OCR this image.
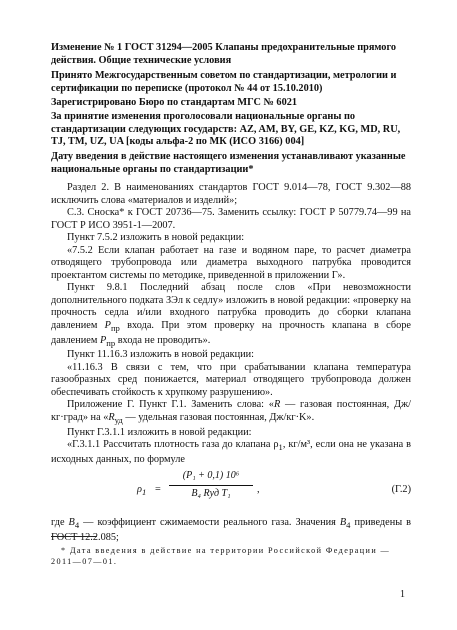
Изменение № 1 ГОСТ 31294—2005 Клапаны предохранительные прямого действия. Общие технические условия

Принято Межгосударственным советом по стандартизации, метрологии и сертификации по переписке (протокол № 44 от 15.10.2010)

Зарегистрировано Бюро по стандартам МГС № 6021

За принятие изменения проголосовали национальные органы по стандартизации следующих государств: AZ, AM, BY, GE, KZ, KG, MD, RU, TJ, TM, UZ, UA [коды альфа-2 по МК (ИСО 3166) 004]

Дату введения в действие настоящего изменения устанавливают указанные национальные органы по стандартизации*

Раздел 2. В наименованиях стандартов ГОСТ 9.014—78, ГОСТ 9.302—88 исключить слова «материалов и изделий»;

С.3. Сноска* к ГОСТ 20736—75. Заменить ссылку: ГОСТ Р 50779.74—99 на ГОСТ Р ИСО 3951-1—2007.

Пункт 7.5.2 изложить в новой редакции:

«7.5.2 Если клапан работает на газе и водяном паре, то расчет диаметра отводящего трубопровода или диаметра выходного патрубка проводится проектантом системы по методике, приведенной в приложении Г».

Пункт 9.8.1 Последний абзац после слов «При невозможности дополнительного подката ЗЭл к седлу» изложить в новой редакции: «проверку на прочность седла и/или входного патрубка проводить до сборки клапана давлением $P_{пр}$ входа. При этом проверку на прочность клапана в сборе давлением $P_{пр}$ входа не проводить».

Пункт 11.16.3 изложить в новой редакции:

«11.16.3 В связи с тем, что при срабатывании клапана температура газообразных сред понижается, материал отводящего трубопровода должен обеспечивать стойкость к хрупкому разрушению».

Приложение Г. Пункт Г.1. Заменить слова: «R — газовая постоянная, Дж/кг·град» на «$R_{уд}$ — удельная газовая постоянная, Дж/кг·K».

Пункт Г.3.1.1 изложить в новой редакции:

«Г.3.1.1 Рассчитать плотность газа до клапана $\rho_1$, кг/м³, если она не указана в исходных данных, по формуле

$\rho_1$ =
(P₁ + 0,1) 10⁶
B₄ Rуд T₁	,	(Г.2)

где $B_4$ — коэффициент сжимаемости реального газа. Значения $B_4$ приведены в ГОСТ 12.2.085;

* Дата введения в действие на территории Российской Федерации — 2011—07—01.

1
